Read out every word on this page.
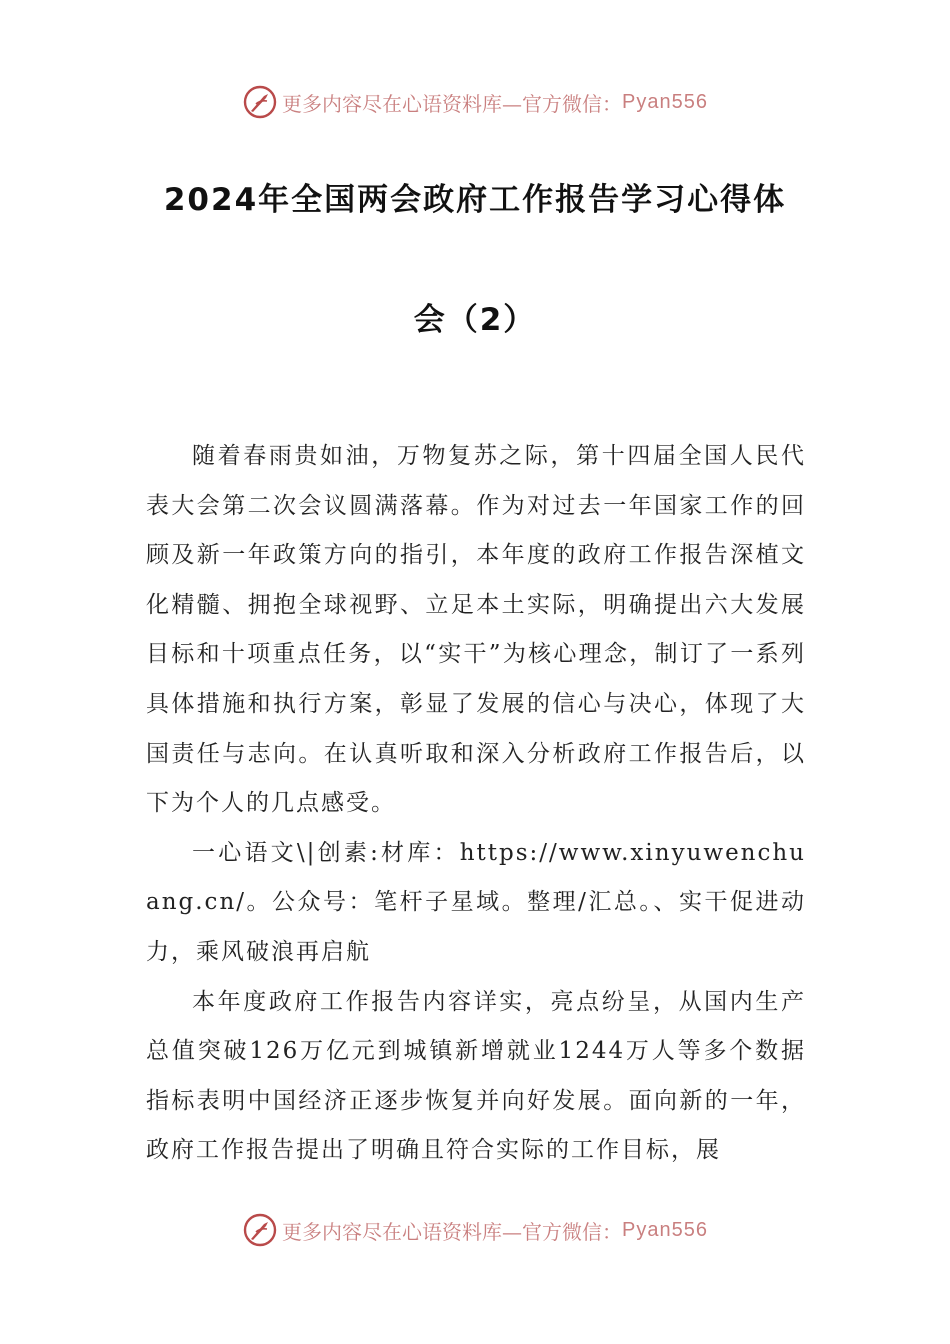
更多内容尽在心语资料库—官方微信： Pyan556
2024年全国两会政府工作报告学习心得体
会（2）

随着春雨贵如油，万物复苏之际，第十四届全国人民代表大会第二次会议圆满落幕。作为对过去一年国家工作的回顾及新一年政策方向的指引，本年度的政府工作报告深植文化精髓、拥抱全球视野、立足本土实际，明确提出六大发展目标和十项重点任务，以“实干”为核心理念，制订了一系列具体措施和执行方案，彰显了发展的信心与决心，体现了大国责任与志向。在认真听取和深入分析政府工作报告后，以下为个人的几点感受。

一心语文\|创素:材库：https://www.xinyuwenchuang.cn/。公众号：笔杆子星域。整理/汇总。、实干促进动力，乘风破浪再启航

本年度政府工作报告内容详实，亮点纷呈，从国内生产总值突破126万亿元到城镇新增就业1244万人等多个数据指标表明中国经济正逐步恢复并向好发展。面向新的一年，政府工作报告提出了明确且符合实际的工作目标，展

更多内容尽在心语资料库—官方微信： Pyan556
